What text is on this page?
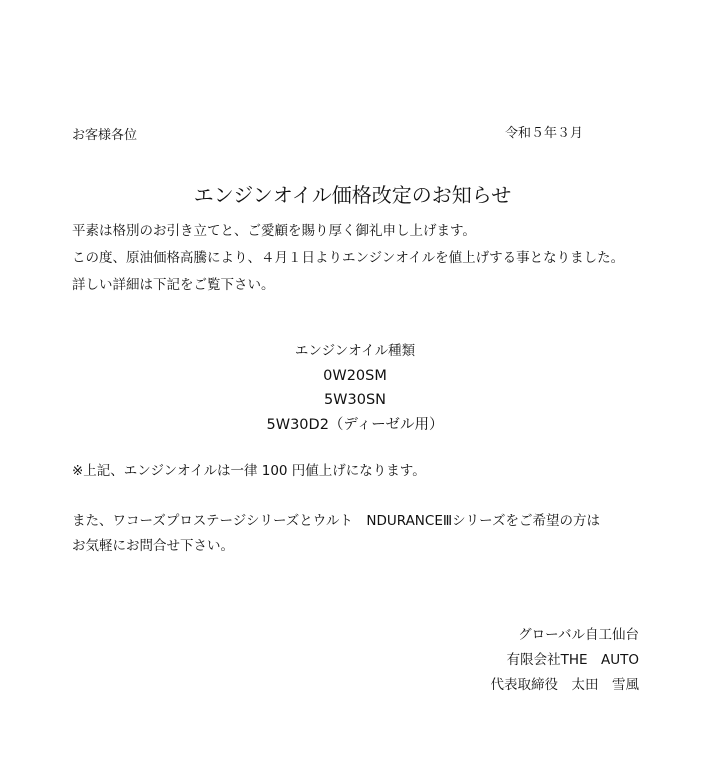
お客様各位	令和５年３月
エンジンオイル価格改定のお知らせ
平素は格別のお引き立てと、ご愛顧を賜り厚く御礼申し上げます。
この度、原油価格高騰により、４月１日よりエンジンオイルを値上げする事となりました。
詳しい詳細は下記をご覧下さい。
エンジンオイル種類
0W20SM
5W30SN
5W30D2（ディーゼル用）
※上記、エンジンオイルは一律 100 円値上げになります。
また、ワコーズプロステージシリーズとウルト　NDURANCEⅢシリーズをご希望の方は
お気軽にお問合せ下さい。
グローバル自工仙台
有限会社THE　AUTO
代表取締役　太田　雪風
